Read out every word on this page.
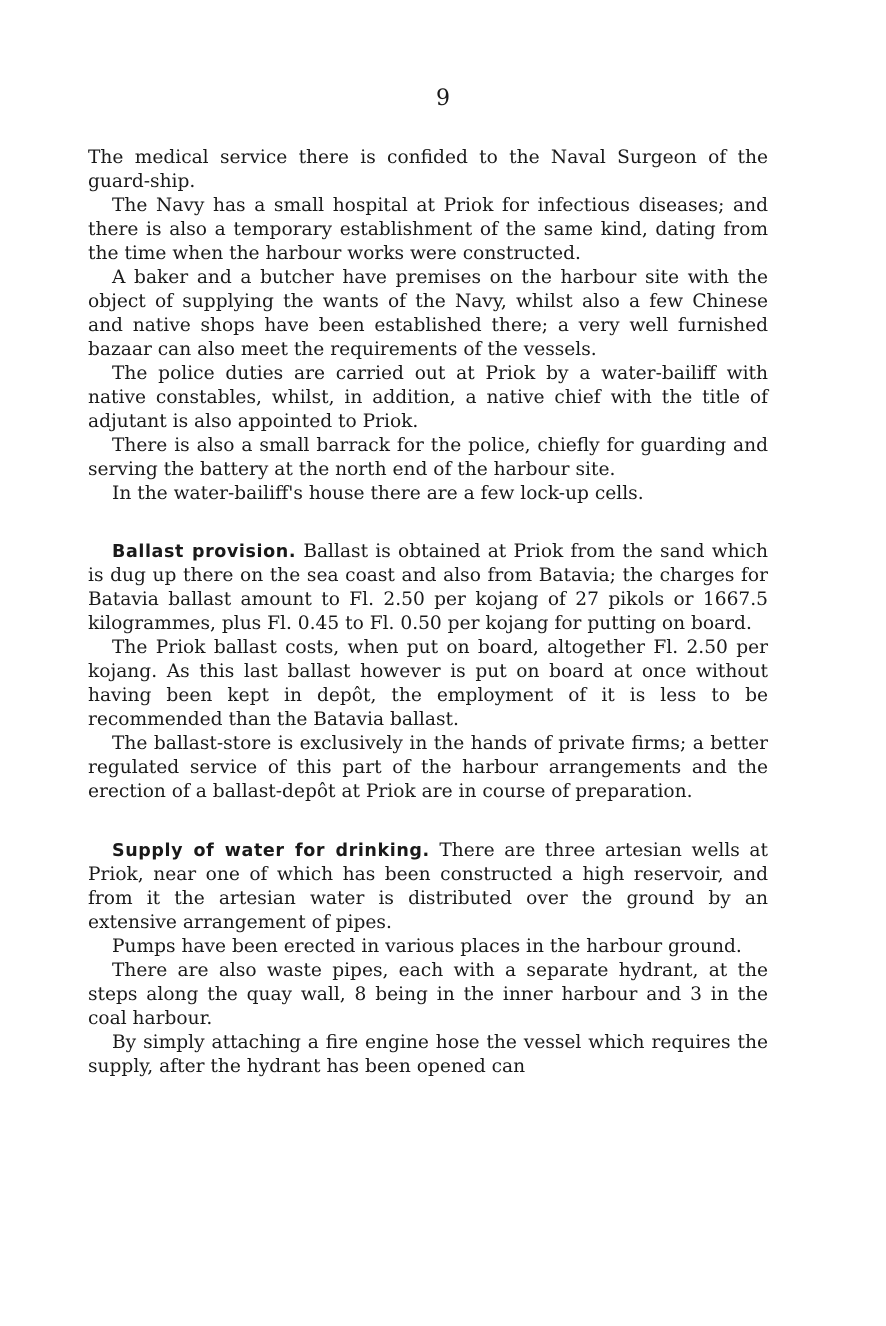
9

The medical service there is confided to the Naval Surgeon of the guard-ship.

The Navy has a small hospital at Priok for infectious diseases; and there is also a temporary establishment of the same kind, dating from the time when the harbour works were constructed.

A baker and a butcher have premises on the harbour site with the object of supplying the wants of the Navy, whilst also a few Chinese and native shops have been established there; a very well furnished bazaar can also meet the requirements of the vessels.

The police duties are carried out at Priok by a water-bailiff with native constables, whilst, in addition, a native chief with the title of adjutant is also appointed to Priok.

There is also a small barrack for the police, chiefly for guarding and serving the battery at the north end of the harbour site.

In the water-bailiff's house there are a few lock-up cells.

Ballast provision. Ballast is obtained at Priok from the sand which is dug up there on the sea coast and also from Batavia; the charges for Batavia ballast amount to Fl. 2.50 per kojang of 27 pikols or 1667.5 kilogrammes, plus Fl. 0.45 to Fl. 0.50 per kojang for putting on board.

The Priok ballast costs, when put on board, altogether Fl. 2.50 per kojang. As this last ballast however is put on board at once without having been kept in depôt, the employment of it is less to be recommended than the Batavia ballast.

The ballast-store is exclusively in the hands of private firms; a better regulated service of this part of the harbour arrangements and the erection of a ballast-depôt at Priok are in course of preparation.

Supply of water for drinking. There are three artesian wells at Priok, near one of which has been constructed a high reservoir, and from it the artesian water is distributed over the ground by an extensive arrangement of pipes.

Pumps have been erected in various places in the harbour ground.

There are also waste pipes, each with a separate hydrant, at the steps along the quay wall, 8 being in the inner harbour and 3 in the coal harbour.

By simply attaching a fire engine hose the vessel which requires the supply, after the hydrant has been opened can
